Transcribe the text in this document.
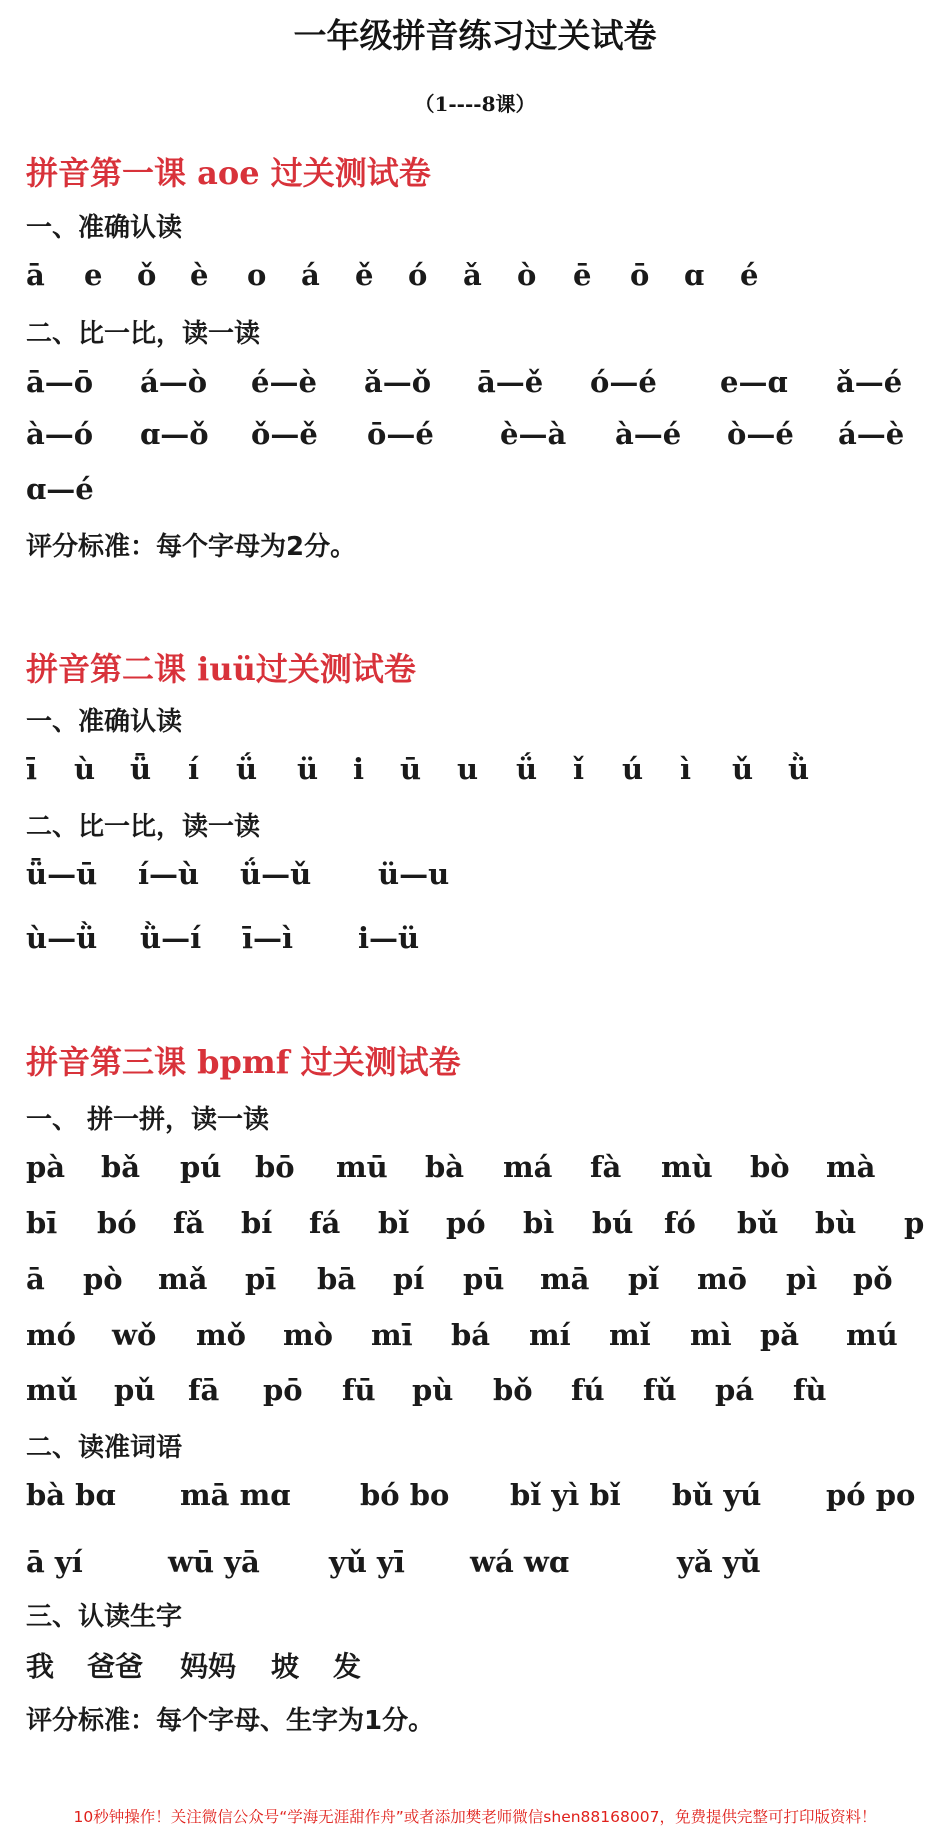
一年级拼音练习过关试卷
（1----8课）
拼音第一课 aoe 过关测试卷
一、准确认读
ā e ǒ è o á ě ó ǎ ò ē ō ɑ é
二、比一比，读一读
ā—ō á—ò é—è ǎ—ǒ ā—ě ó—é e—ɑ ǎ—é
à—ó ɑ—ǒ ǒ—ě ō—é è—à à—é ò—é á—è
ɑ—é
评分标准：每个字母为2分。
拼音第二课 iuü过关测试卷
一、准确认读
ī ù ǖ í ǘ ü i ū u ǘ ǐ ú ì ǔ ǜ
二、比一比，读一读
ǖ—ū í—ù ǘ—ǔ ü—u
ù—ǜ ǜ—í ī—ì i—ü
拼音第三课 bpmf 过关测试卷
一、 拼一拼，读一读
pà bǎ pú bō mū bà má fà mù bò mà
bī bó fǎ bí fá bǐ pó bì bú fó bǔ bù p
ā pò mǎ pī bā pí pū mā pǐ mō pì pǒ
mó wǒ mǒ mò mī bá mí mǐ mì pǎ mú
mǔ pǔ fā pō fū pù bǒ fú fǔ pá fù
二、读准词语
bà bɑ mā mɑ bó bo bǐ yì bǐ bǔ yú pó po
ā yí	wū yā yǔ yī wá wɑ	yǎ yǔ
三、认读生字
我 爸爸 妈妈 坡 发
评分标准：每个字母、生字为1分。
10秒钟操作！关注微信公众号“学海无涯甜作舟”或者添加樊老师微信shen88168007，免费提供完整可打印版资料！
